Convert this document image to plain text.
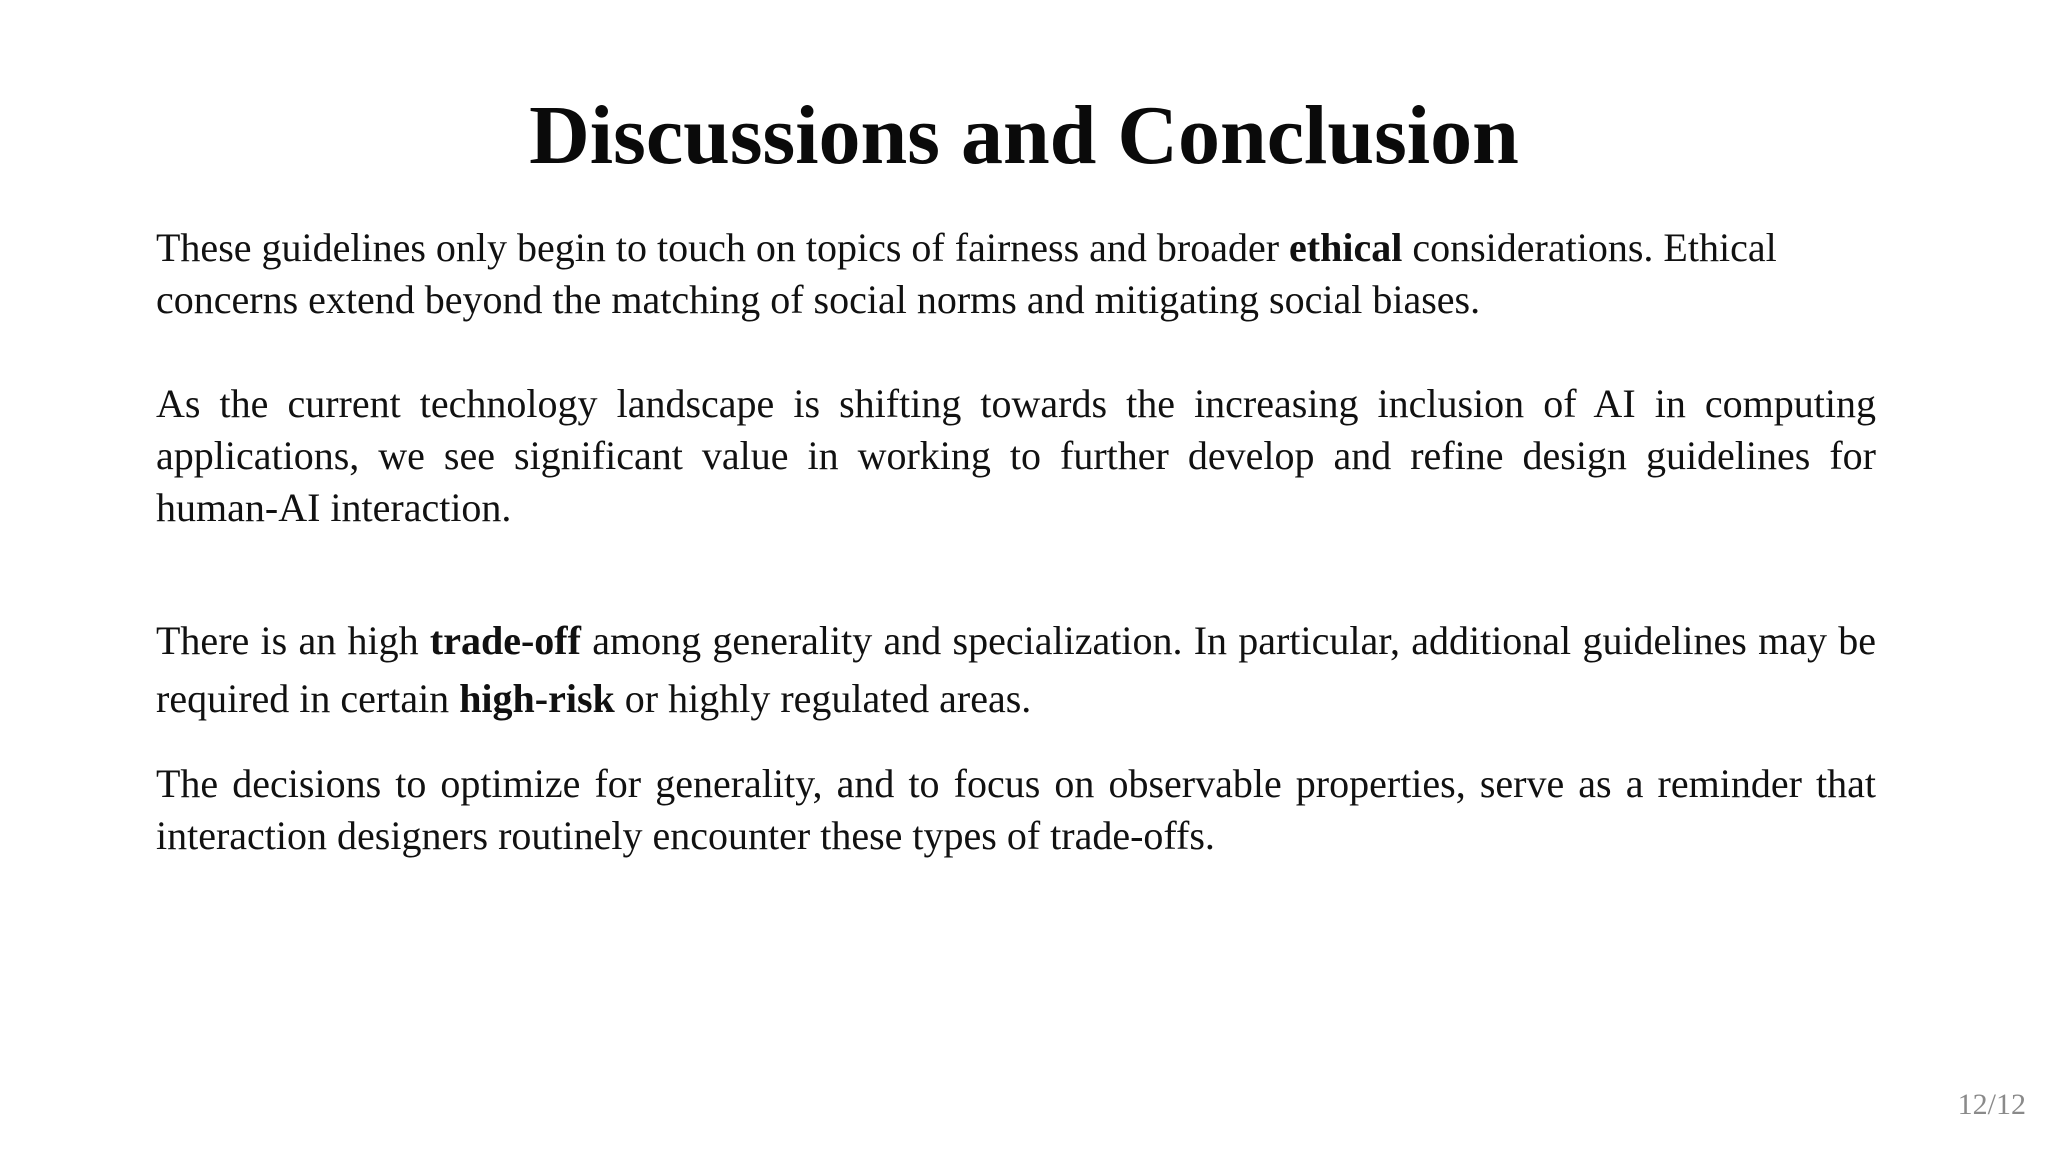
Discussions and Conclusion

These guidelines only begin to touch on topics of fairness and broader ethical considerations. Ethical concerns extend beyond the matching of social norms and mitigating social biases.

As the current technology landscape is shifting towards the increasing inclusion of AI in computing applications, we see significant value in working to further develop and refine design guidelines for human-AI interaction.

There is an high trade-off among generality and specialization. In particular, additional guidelines may be required in certain high-risk or highly regulated areas.

The decisions to optimize for generality, and to focus on observable properties, serve as a reminder that interaction designers routinely encounter these types of trade-offs.

12/12
